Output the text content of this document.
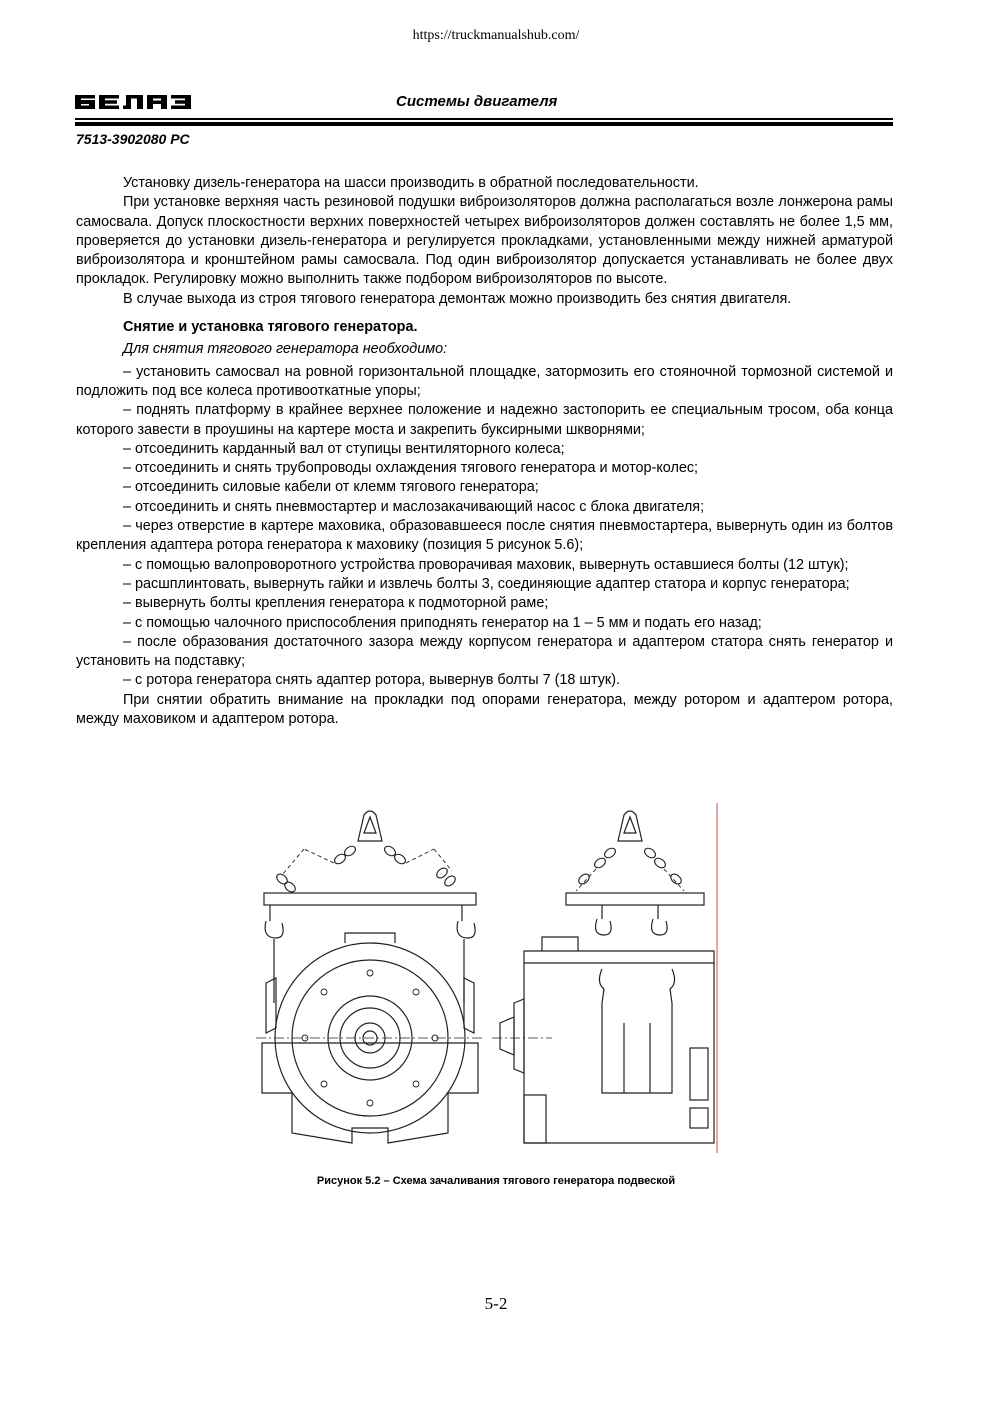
https://truckmanualshub.com/
Системы двигателя
7513-3902080 РС

Установку дизель-генератора на шасси производить в обратной последовательности.

При установке верхняя часть резиновой подушки виброизоляторов должна располагаться возле лонжерона рамы самосвала. Допуск плоскостности верхних поверхностей четырех виброизоляторов должен составлять не более 1,5 мм, проверяется до установки дизель-генератора и регулируется прокладками, установленными между нижней арматурой виброизолятора и кронштейном рамы самосвала. Под один виброизолятор допускается устанавливать не более двух прокладок. Регулировку можно выполнить также подбором виброизоляторов по высоте.

В случае выхода из строя тягового генератора демонтаж можно производить без снятия двигателя.

Снятие и установка тягового генератора.

Для снятия тягового генератора необходимо:

– установить самосвал на ровной горизонтальной площадке, затормозить его стояночной тормозной системой и подложить под все колеса противооткатные упоры;

– поднять платформу в крайнее верхнее положение и надежно застопорить ее специальным тросом, оба конца которого завести в проушины на картере моста и закрепить буксирными шкворнями;

– отсоединить карданный вал от ступицы вентиляторного колеса;

– отсоединить и снять трубопроводы охлаждения тягового генератора и мотор-колес;

– отсоединить силовые кабели от клемм тягового генератора;

– отсоединить и снять пневмостартер и маслозакачивающий насос с блока двигателя;

– через отверстие в картере маховика, образовавшееся после снятия пневмостартера, вывернуть один из болтов крепления адаптера ротора генератора к маховику (позиция 5 рисунок 5.6);

– с помощью валопроворотного устройства проворачивая маховик, вывернуть оставшиеся болты (12 штук);

– расшплинтовать, вывернуть гайки и извлечь болты 3, соединяющие адаптер статора и корпус генератора;

– вывернуть болты крепления генератора к подмоторной раме;

– с помощью чалочного приспособления приподнять генератор на 1 – 5 мм и подать его назад;

– после образования достаточного зазора между корпусом генератора и адаптером статора снять генератор и установить на подставку;

– с ротора генератора снять адаптер ротора, вывернув болты 7 (18 штук).

При снятии обратить внимание на прокладки под опорами генератора, между ротором и адаптером ротора, между маховиком и адаптером ротора.

Рисунок 5.2 – Схема зачаливания тягового генератора подвеской
5-2
